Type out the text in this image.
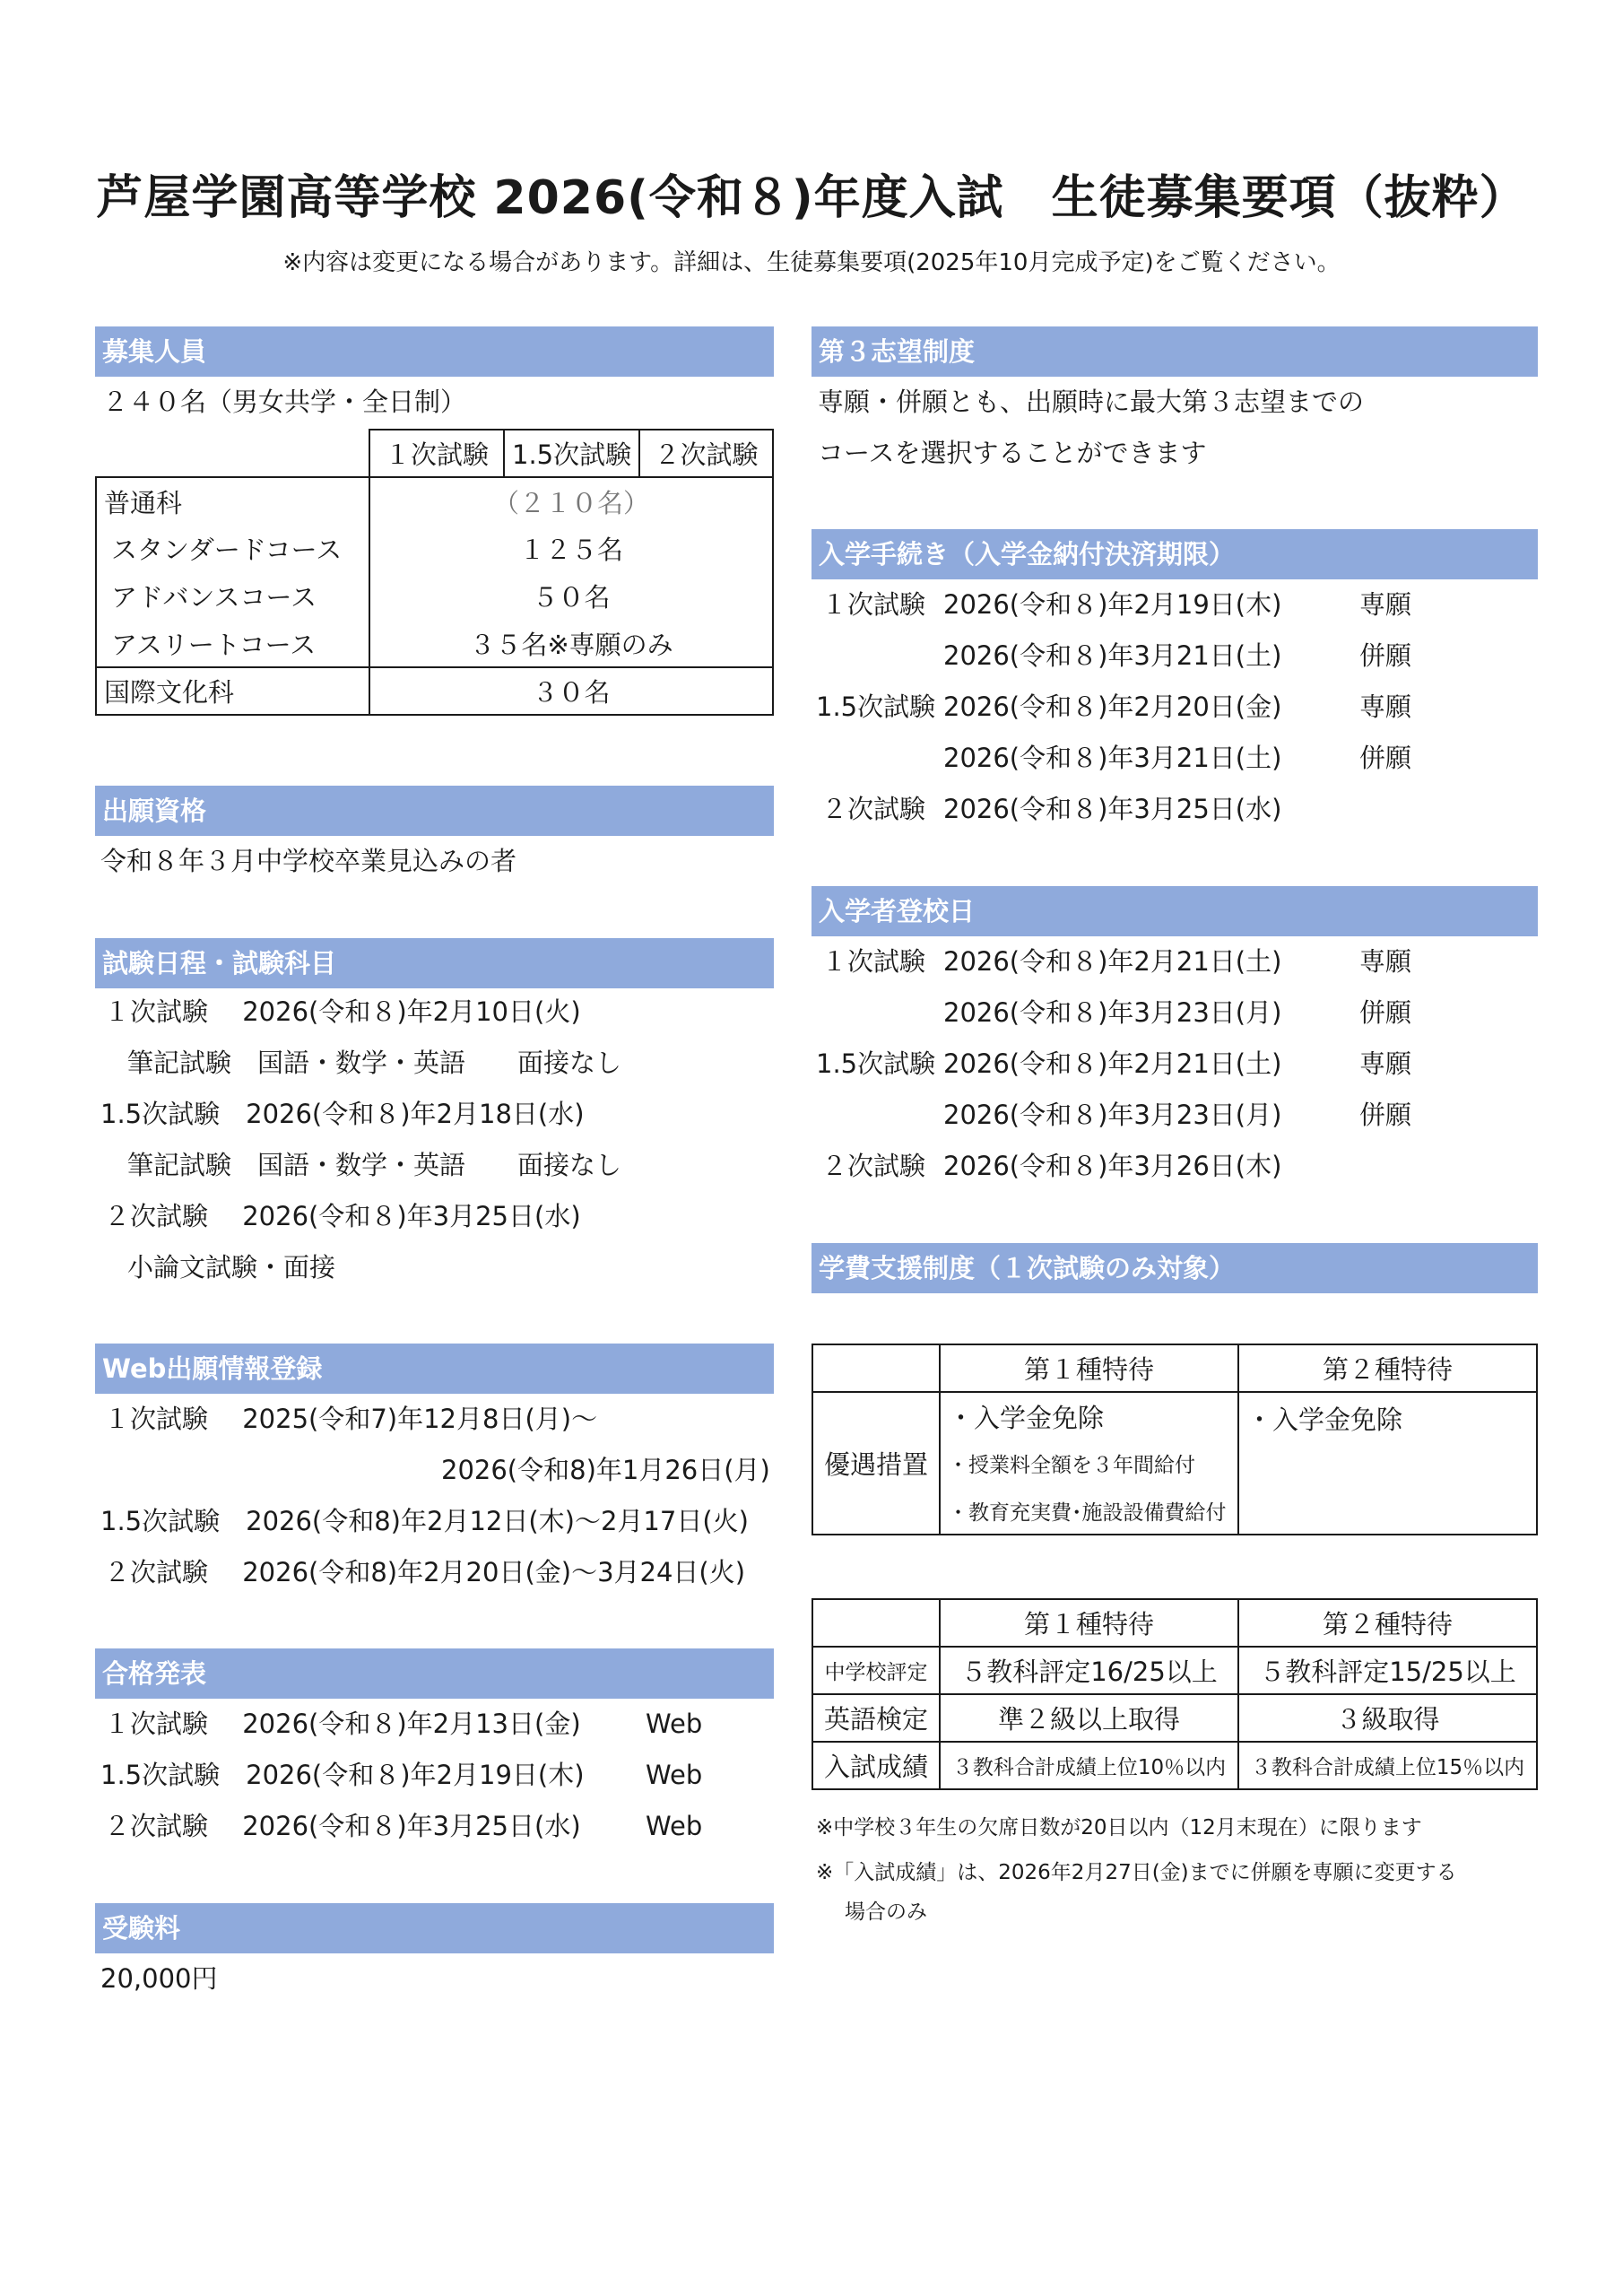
芦屋学園高等学校 2026(令和８)年度入試　生徒募集要項（抜粋）
※内容は変更になる場合があります。詳細は、生徒募集要項(2025年10月完成予定)をご覧ください。
募集人員
２４０名（男女共学・全日制）
	１次試験	1.5次試験	２次試験
普通科	（２１０名）		
スタンダードコース	１２５名		
アドバンスコース	５０名		
アスリートコース	３５名※専願のみ		
国際文化科	３０名		
出願資格
令和８年３月中学校卒業見込みの者
試験日程・試験科目
１次試験　 2026(令和８)年2月10日(火)
筆記試験　国語・数学・英語　　面接なし
1.5次試験　2026(令和８)年2月18日(水)
筆記試験　国語・数学・英語　　面接なし
２次試験　 2026(令和８)年3月25日(水)
小論文試験・面接
Web出願情報登録
１次試験　 2025(令和7)年12月8日(月)～
2026(令和8)年1月26日(月)
1.5次試験　2026(令和8)年2月12日(木)～2月17日(火)
２次試験　 2026(令和8)年2月20日(金)～3月24日(火)
合格発表
１次試験　 2026(令和８)年2月13日(金) Web
1.5次試験　2026(令和８)年2月19日(木) Web
２次試験　 2026(令和８)年3月25日(水) Web
受験料
20,000円
第３志望制度
専願・併願とも、出願時に最大第３志望までの
コースを選択することができます
入学手続き（入学金納付決済期限）
１次試験 2026(令和８)年2月19日(木)	専願
2026(令和８)年3月21日(土)	併願
1.5次試験 2026(令和８)年2月20日(金)	専願
2026(令和８)年3月21日(土)	併願
２次試験 2026(令和８)年3月25日(水)
入学者登校日
１次試験 2026(令和８)年2月21日(土)	専願
2026(令和８)年3月23日(月)	併願
1.5次試験 2026(令和８)年2月21日(土)	専願
2026(令和８)年3月23日(月)	併願
２次試験 2026(令和８)年3月26日(木)
学費支援制度（１次試験のみ対象）
	第１種特待	第２種特待
優遇措置	・入学金免除	・入学金免除
	・授業料全額を３年間給付	
	・教育充実費･施設設備費給付	
	第１種特待	第２種特待
中学校評定	５教科評定16/25以上	５教科評定15/25以上
英語検定	準２級以上取得	３級取得
入試成績	３教科合計成績上位10％以内	３教科合計成績上位15％以内
※中学校３年生の欠席日数が20日以内（12月末現在）に限ります
※「入試成績」は、2026年2月27日(金)までに併願を専願に変更する
場合のみ
